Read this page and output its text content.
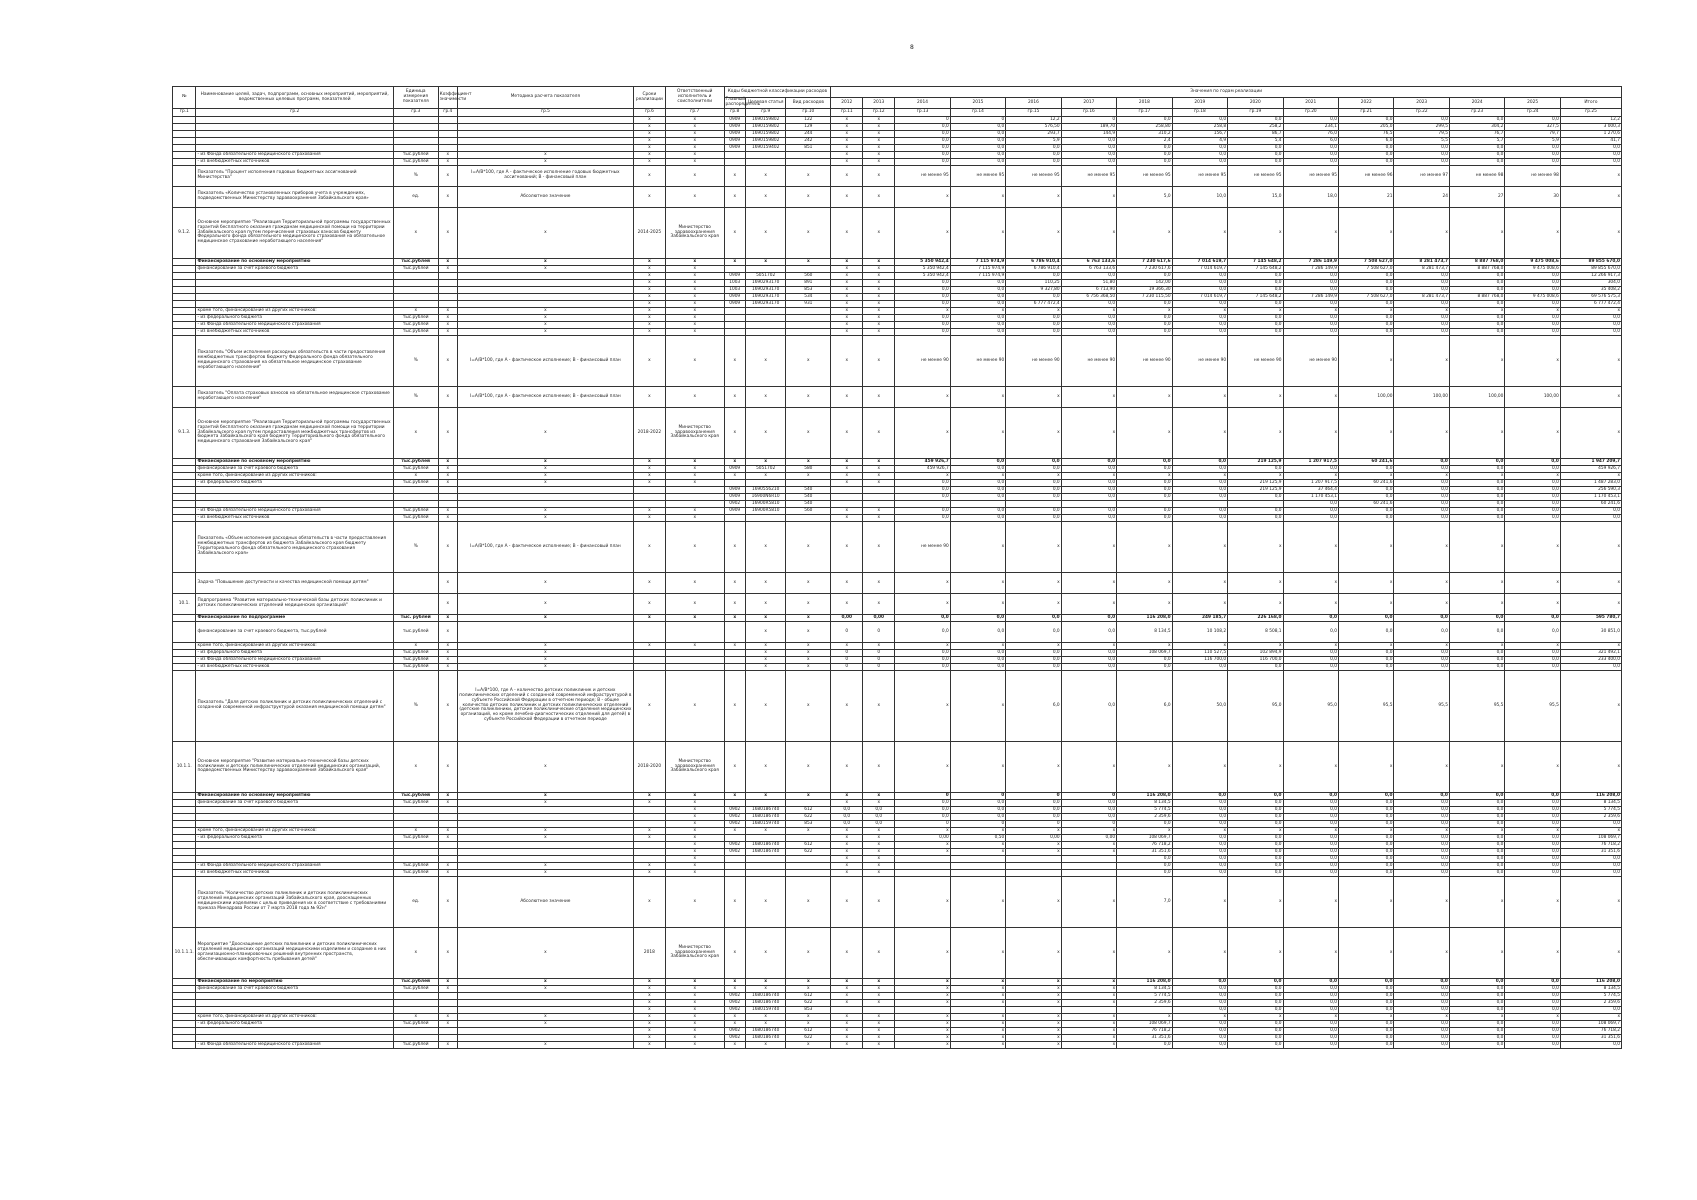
8
№	Наименование целей, задач, подпрограмм, основных мероприятий, мероприятий, ведомственных целевых программ, показателей	Единица измерения показателя	Коэффициент значимости	Методика расчета показателя	Сроки реализации	Ответственный исполнитель и соисполнители	Коды бюджетной классификации расходов			Значения по годам реализации														
							Главный распорядитель	Целевая статья	Вид расходов	2012	2013	2014	2015	2016	2017	2018	2019	2020	2021	2022	2023	2024	2025	Итого
гр.1	гр.2	гр.3	гр.4	гр.5	гр.6	гр.7	гр.8	гр.9	гр.10	гр.11	гр.12	гр.13	гр.14	гр.15	гр.16	гр.17	гр.18	гр.19	гр.20	гр.21	гр.22	гр.23	гр.24	гр.25
					х	х	0909	1690159802	122	х	х	0	0	12,2	0	0,0	0,0	0,0	0,0	0,0	0,0	0,0	0,0	12,2
					х	х	0909	1690159802	129	х	х	0,0	0,0	576,50	189,70	258,80	258,8	258,2	234,1	205,0	299,5	304,2	327,5	3 000,3
					х	х	0909	1690159802	244	х	х	0,0	0,0	293,7	144,9	310,2	156,7	86,7	76,0	76,5	79,5	76,7	79,7	1 270,6
					х	х	0909	1690159802	242	х	х	0,0	0,0	5,9	0,0	2,4	4,9	5,4	6,0	6,0	5,5	5,7	5,9	41,7
					х	х	0909	1690159402	851	х	х	0,0	0,0	0,0	0,0	0,0	0,0	0,0	0,0	0,0	0,0	0,0	0,0	0,0
	- из Фонда обязательного медицинского страхования	тыс.рублей	х	х	х	х				х	х	0,0	0,0	0,0	0,0	0,0	0,0	0,0	0,0	0,0	0,0	0,0	0,0	0,0
	- из внебюджетных источников	тыс.рублей	х	х	х	х				х	х	0,0	0,0	0,0	0,0	0,0	0,0	0,0	0,0	0,0	0,0	0,0	0,0	0,0
	Показатель "Процент исполнения годовых бюджетных ассигнований Министерства"	%	х	I=A/B*100, где А - фактическое исполнение годовых бюджетных ассигнований; В - финансовый план	х	х	х	х	х	х	х	не менее 95	не менее 95	не менее 95	не менее 95	не менее 95	не менее 95	не менее 95	не менее 95	не менее 96	не менее 97	не менее 98	не менее 98	х
	Показатель «Количество установленных приборов учета в учреждениях, подведомственных Министерству здравоохранения Забайкальского края»	ед.	х	Абсолютное значение	х	х	х	х	х	х	х	х	х	х	х	5,0	10,0	15,0	18,0	21	24	27	30	х
9.1.2.	Основное мероприятие "Реализация Территориальной программы государственных гарантий бесплатного оказания гражданам медицинской помощи на территории Забайкальского края путем перечисления страховых взносов бюджету Федерального фонда обязательного медицинского страхования на обязательное медицинское страхование неработающего населения"	х	х	х	2014-2025	Министерство здравоохранения Забайкальского края	х	х	х	х	х	х	х	х	х	х	х	х	х	х	х	х	х	х
	Финансирование по основному мероприятию	тыс.рублей	х	х	х	х	х	х	х	х	х	5 350 942,4	7 115 974,9	6 786 910,4	6 763 133,6	7 230 617,6	7 014 619,7	7 145 648,2	7 286 149,9	7 508 627,0	8 281 473,7	8 887 768,0	9 475 008,6	89 855 670,0
	финансирование за счет краевого бюджета	тыс.рублей	х	х	х	х				х	х	5 350 942,4	7 115 974,9	6 786 910,4	6 763 133,6	7 230 617,6	7 014 619,7	7 145 648,2	7 286 149,9	7 508 627,0	8 281 473,7	8 887 768,0	9 475 008,6	89 855 670,0
					х	х	0909	5051702	560	х	х	5 350 942,4	7 115 974,9	0,0	0,0	0,0	0,0	0,0	0,0	0,0	0,0	0,0	0,0	12 266 917,3
					х	х	1003	1690293170	891	х	х	0,0	0,0	110,25	51,80	142,00	0,0	0,0	0,0	0,0	0,0	0,0	0,0	304,0
					х	х	1003	1690293170	853	х	х	0,0	0,0	9 327,80	6 713,90	19 366,30	0,0	0,0	0,0	0,0	0,0	0,0	0,0	35 408,2
					х	х	0909	1690293170	534	х	х	0,0	0,0	0,0	6 756 368,50	7 230 115,50	7 014 619,7	7 145 648,2	7 286 149,9	7 508 627,0	8 281 473,7	8 887 768,0	9 475 008,6	69 576 575,3
					х	х	0909	1690293170	931	х	х	0,0	0,0	6 777 472,4	0,0	0,0	0,0	0,0	0,0	0,0	0,0	0,0	0,0	6 777 472,4
	кроме того, финансирование из других источников:	х	х	х	х	х				х	х	х	х	х	х	х	х	х	х	х	х	х	х	х
	- из федерального бюджета	тыс.рублей	х	х	х	х				х	х	0,0	0,0	0,0	0,0	0,0	0,0	0,0	0,0	0,0	0,0	0,0	0,0	0,0
	- из Фонда обязательного медицинского страхования	тыс.рублей	х	х	х	х				х	х	0,0	0,0	0,0	0,0	0,0	0,0	0,0	0,0	0,0	0,0	0,0	0,0	0,0
	- из внебюджетных источников	тыс.рублей	х	х	х	х				х	х	0,0	0,0	0,0	0,0	0,0	0,0	0,0	0,0	0,0	0,0	0,0	0,0	0,0
	Показатель "Объем исполнения расходных обязательств в части предоставления межбюджетных трансфертов бюджету Федерального фонда обязательного медицинского страхования на обязательное медицинское страхование неработающего населения"	%	х	I=A/B*100, где А - фактическое исполнение; В - финансовый план	х	х	х	х	х	х	х	не менее 90	не менее 90	не менее 90	не менее 90	не менее 90	не менее 90	не менее 90	не менее 90	х	х	х	х	х
	Показатель "Оплата страховых взносов на обязательное медицинское страхование неработающего населения"	%	х	I=A/B*100, где А - фактическое исполнение; В - финансовый план	х	х	х	х	х	х	х	х	х	х	х	х	х	х	х	100,00	100,00	100,00	100,00	х
9.1.3.	Основное мероприятие "Реализация Территориальной программы государственных гарантий бесплатного оказания гражданам медицинской помощи на территории Забайкальского края путем предоставления межбюджетных трансфертов из бюджета Забайкальского края бюджету Территориального фонда обязательного медицинского страхования Забайкальского края"	х	х	х	2018-2022	Министерство здравоохранения Забайкальского края	х	х	х	х	х	х	х	х	х	х	х	х	х	х	х	х	х	х
	Финансирование по основному мероприятию	тыс.рублей	х	х	х	х	х	х	х	х	х	459 926,7	0,0	0,0	0,0	0,0	0,0	219 125,9	1 207 917,5	60 241,6	0,0	0,0	0,0	1 947 209,7
	финансирование за счет краевого бюджета	тыс.рублей	х	х	х	х	0909	5051702	580	х	х	459 926,7	0,0	0,0	0,0	0,0	0,0	0,0	0,0	0,0	0,0	0,0	0,0	459 926,7
	кроме того, финансирование из других источников:	х	х	х	х	х	х	х	х	х	х	х	х	х	х	х	х	х	х	х	х	х	х	х
	- из федерального бюджета	тыс.рублей	х	х	х	х				х	х	0,0	0,0	0,0	0,0	0,0	0,0	219 125,9	1 207 917,5	60 241,6	0,0	0,0	0,0	1 487 283,0
							0909	1690556210	540			0,0	0,0	0,0	0,0	0,0	0,0	219 125,9	37 464,4	0,0	0,0	0,0	0,0	256 590,3
							0909	16900N6R10	540			0,0	0,0	0,0	0,0	0,0	0,0	0,0	1 170 453,1	0,0	0,0	0,0	0,0	1 170 453,1
							0902	16900R5810	540										0,0	60 241,6	0,0	0,0	0,0	60 241,6
	- из Фонда обязательного медицинского страхования	тыс.рублей	х	х	х	х	0909	16900R5810	560	х	х	0,0	0,0	0,0	0,0	0,0	0,0	0,0	0,0	0,0	0,0	0,0	0,0	0,0
	- из внебюджетных источников	тыс.рублей	х	х	х	х				х	х	0,0	0,0	0,0	0,0	0,0	0,0	0,0	0,0	0,0	0,0	0,0	0,0	0,0
	Показатель «Объем исполнения расходных обязательств в части предоставления межбюджетных трансфертов из бюджета Забайкальского края бюджету Территориального фонда обязательного медицинского страхования Забайкальского края»	%	х	I=A/B*100, где А - фактическое исполнение; В - финансовый план	х	х	х	х	х	х	х	не менее 90	х	х	х	х	х	х	х	х	х	х	х	х
	Задача "Повышение доступности и качества медицинской помощи детям"		х	х	х	х	х	х	х	х	х	х	х	х	х	х	х	х	х	х	х	х	х	х
10.1.	Подпрограмма "Развитие материально-технической базы детских поликлиник и детских поликлинических отделений медицинских организаций"		х	х	х	х	х	х	х	х	х	х	х	х	х	х	х	х	х	х	х	х	х	х
	Финансирование по подпрограмме	тыс. рублей	х	х	х	х	х	х	х	0,00	0,00	0,0	0,0	0,0	0,0	116 208,0	249 185,7	226 168,0	0,0	0,0	0,0	0,0	0,0	595 780,7
	финансирование за счет краевого бюджета, тыс.рублей	тыс.рублей	х					х	х	0	0	0,0	0,0	0,0	0,0	8 134,5	10 108,2	8 508,1	0,0	0,0	0,0	0,0	0,0	30 851,0
	кроме того, финансирование из других источников:	х	х	х	х	х	х	х	х	х	х	х	х	х	х	х	х	х	х	х	х	х	х	х
	- из федерального бюджета	тыс.рублей	х	х				х	х	0	0	0,0	0,0	0,0	0,0	108 069,7	110 527,5	102 894,9	0,0	0,0	0,0	0,0	0,0	321 492,1
	- из Фонда обязательного медицинского страхования	тыс.рублей	х	х				х	х	0	0	0,0	0,0	0,0	0,0	0,0	116 700,0	116 700,0	0,0	0,0	0,0	0,0	0,0	233 400,0
	- из внебюджетных источников	тыс.рублей	х	х				х	х	0	0	0,0	0,0	0,0	0,0	0,0	0,0	0,0	0,0	0,0	0,0	0,0	0,0	0,0
	Показатель "Доля детских поликлиник и детских поликлинических отделений с созданной современной инфраструктурой оказания медицинской помощи детям"	%	х	I=A/B*100, где А - количество детских поликлиник и детских поликлинических отделений с созданной современной инфраструктурой в субъекте Российской Федерации в отчетном периоде; В - общее количество детских поликлиник и детских поликлинических отделений (детские поликлиники, детские поликлинические отделения медицинских организаций, но кроме лечебно-диагностических отделений для детей) в субъекте Российской Федерации в отчетном периоде	х	х	х	х	х	х	х	х	х	6,0	0,0	6,0	50,0	95,0	95,0	95,5	95,5	95,5	95,5	х
10.1.1.	Основное мероприятие "Развитие материально-технической базы детских поликлиник и детских поликлинических отделений медицинских организаций, подведомственных Министерству здравоохранения Забайкальского края"	х	х	х	2018-2020	Министерство здравоохранения Забайкальского края	х	х	х	х	х	х	х	х	х	х	х	х	х	х	х	х	х	х
	Финансирование по основному мероприятию	тыс.рублей	х	х	х	х	х	х	х	х	х	0	0	0	0	116 208,0	0,0	0,0	0,0	0,0	0,0	0,0	0,0	116 208,0
	финансирование за счет краевого бюджета	тыс.рублей	х	х	х	х				х	х	0,0	0,0	0,0	0,0	8 134,5	0,0	0,0	0,0	0,0	0,0	0,0	0,0	8 134,5
						х	0902	1680186740	612	0,0	0,0	0,0	0,0	0,0	0,0	5 774,5	0,0	0,0	0,0	0,0	0,0	0,0	0,0	5 774,5
						х	0902	1680186740	622	0,0	0,0	0,0	0,0	0,0	0,0	2 359,6	0,0	0,0	0,0	0,0	0,0	0,0	0,0	2 359,6
						х	0902	1680159740	853	0,0	0,0	0	0	0	0	0,0	0,0	0,0	0,0	0,0	0,0	0,0	0,0	0,0
	кроме того, финансирование из других источников:	х	х	х	х	х	х	х	х	х	х	х	х	х	х	х	х	х	х	х	х	х	х	х
	- из федерального бюджета	тыс.рублей	х	х	х	х				х	х	0,00	0,50	0,00	0,00	108 069,7	0,0	0,0	0,0	0,0	0,0	0,0	0,0	108 069,7
						х	0902	1680186740	612	х	х	х	х	х	х	76 718,2	0,0	0,0	0,0	0,0	0,0	0,0	0,0	76 718,2
						х	0902	1680186740	622	х	х	х	х	х	х	31 351,6	0,0	0,0	0,0	0,0	0,0	0,0	0,0	31 351,6
						х				х	х					0,0	0,0	0,0	0,0	0,0	0,0	0,0	0,0	0,0
	- из Фонда обязательного медицинского страхования	тыс.рублей	х	х	х	х				х	х					0,0	0,0	0,0	0,0	0,0	0,0	0,0	0,0	0,0
	- из внебюджетных источников	тыс.рублей	х	х	х	х				х	х					0,0	0,0	0,0	0,0	0,0	0,0	0,0	0,0	0,0
	Показатель "Количество детских поликлиник и детских поликлинических отделений медицинских организаций Забайкальского края, дооснащенных медицинскими изделиями с целью приведения их в соответствие с требованиями приказа Минздрава России от 7 марта 2018 года № 92н"	ед.	х	Абсолютное значение	х	х	х	х	х	х	х	х	х	х	х	7,0	х	х	х	х	х	х	х	х
10.1.1.1.	Мероприятие "Дооснащение детских поликлиник и детских поликлинических отделений медицинских организаций медицинскими изделиями и создание в них организационно-планировочных решений внутренних пространств, обеспечивающих комфортность пребывания детей"	х	х	х	2018	Министерство здравоохранения Забайкальского края	х	х	х	х	х	х	х	х	х	х	х	х	х	х	х	х	х	х
	Финансирование по мероприятию	тыс.рублей	х	х	х	х	х	х	х	х	х	х	х	х	х	116 208,0	0,0	0,0	0,0	0,0	0,0	0,0	0,0	116 208,0
	финансирование за счет краевого бюджета	тыс.рублей	х	х	х	х	х	х	х	х	х	х	х	х	х	8 134,5	0,0	0,0	0,0	0,0	0,0	0,0	0,0	8 134,5
					х	х	0902	1680186740	612	х	х	х	х	х	х	5 774,5	0,0	0,0	0,0	0,0	0,0	0,0	0,0	5 774,5
					х	х	0902	1680186740	622	х	х	х	х	х	х	2 359,6	0,0	0,0	0,0	0,0	0,0	0,0	0,0	2 359,6
					х	х	0902	1680159740	853								0,0	0,0	0,0	0,0	0,0	0,0	0,0	0,0
	кроме того, финансирование из других источников:	х	х	х	х	х	х	х	х	х	х	х	х	х	х	х	х	х	х	х	х	х	х	х
	- из федерального бюджета	тыс.рублей	х	х	х	х	х	х	х	х	х	х	х	х	х	108 069,7	0,0	0,0	0,0	0,0	0,0	0,0	0,0	108 069,7
					х	х	0902	1680186740	612	х	х	х	х	х	х	76 718,2	0,0	0,0	0,0	0,0	0,0	0,0	0,0	76 718,2
					х	х	0902	1680186740	622	х	х	х	х	х	х	31 351,6	0,0	0,0	0,0	0,0	0,0	0,0	0,0	31 351,6
	- из Фонда обязательного медицинского страхования	тыс.рублей	х	х	х	х	х	х	х	х	х	х	х	х	х	0,0	0,0	0,0	0,0	0,0	0,0	0,0	0,0	0,0
